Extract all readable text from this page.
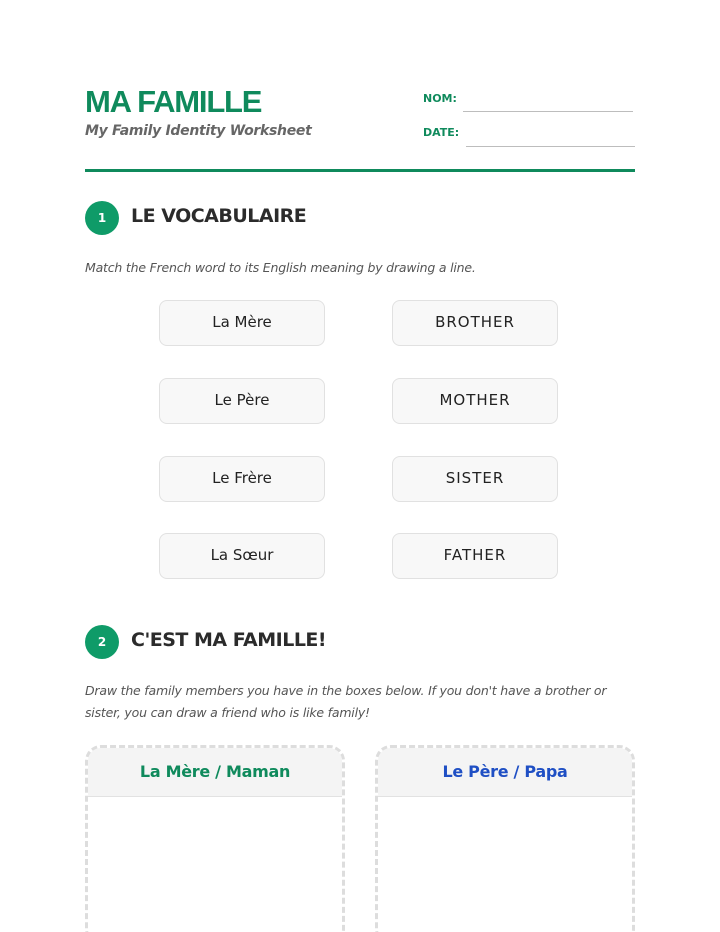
MA FAMILLE
My Family Identity Worksheet
NOM:
DATE:
1	LE VOCABULAIRE
Match the French word to its English meaning by drawing a line.
La Mère
Le Père
Le Frère
La Sœur
BROTHER
MOTHER
SISTER
FATHER
2	C'EST MA FAMILLE!
Draw the family members you have in the boxes below. If you don't have a brother or
sister, you can draw a friend who is like family!
La Mère / Maman	Le Père / Papa
